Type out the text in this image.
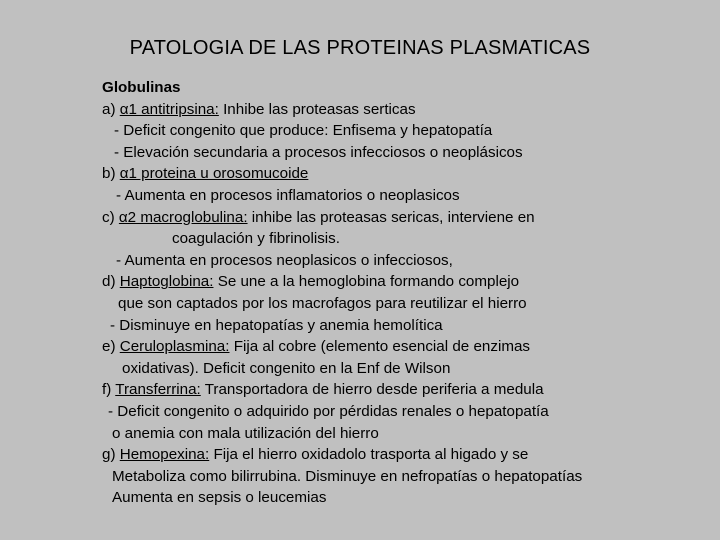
PATOLOGIA DE LAS PROTEINAS PLASMATICAS
Globulinas
a) α1 antitripsina: Inhibe las proteasas serticas
- Deficit congenito que produce: Enfisema y hepatopatía
- Elevación secundaria a procesos infecciosos o neoplásicos
b) α1 proteina u orosomucoide
- Aumenta en procesos inflamatorios o neoplasicos
c) α2 macroglobulina: inhibe las proteasas sericas, interviene en
coagulación y fibrinolisis.
- Aumenta en procesos neoplasicos o infecciosos,
d) Haptoglobina: Se une a la hemoglobina formando complejo
que son captados por los macrofagos para reutilizar el hierro
- Disminuye en hepatopatías y anemia hemolítica
e) Ceruloplasmina: Fija al cobre (elemento esencial de enzimas
oxidativas). Deficit congenito en la Enf de Wilson
f) Transferrina: Transportadora de hierro desde periferia a medula
- Deficit congenito o adquirido por pérdidas renales o hepatopatía
o anemia con mala utilización del hierro
g) Hemopexina: Fija el hierro oxidadolo trasporta al higado y se
Metaboliza como bilirrubina. Disminuye en nefropatías o hepatopatías
Aumenta en sepsis o leucemias
